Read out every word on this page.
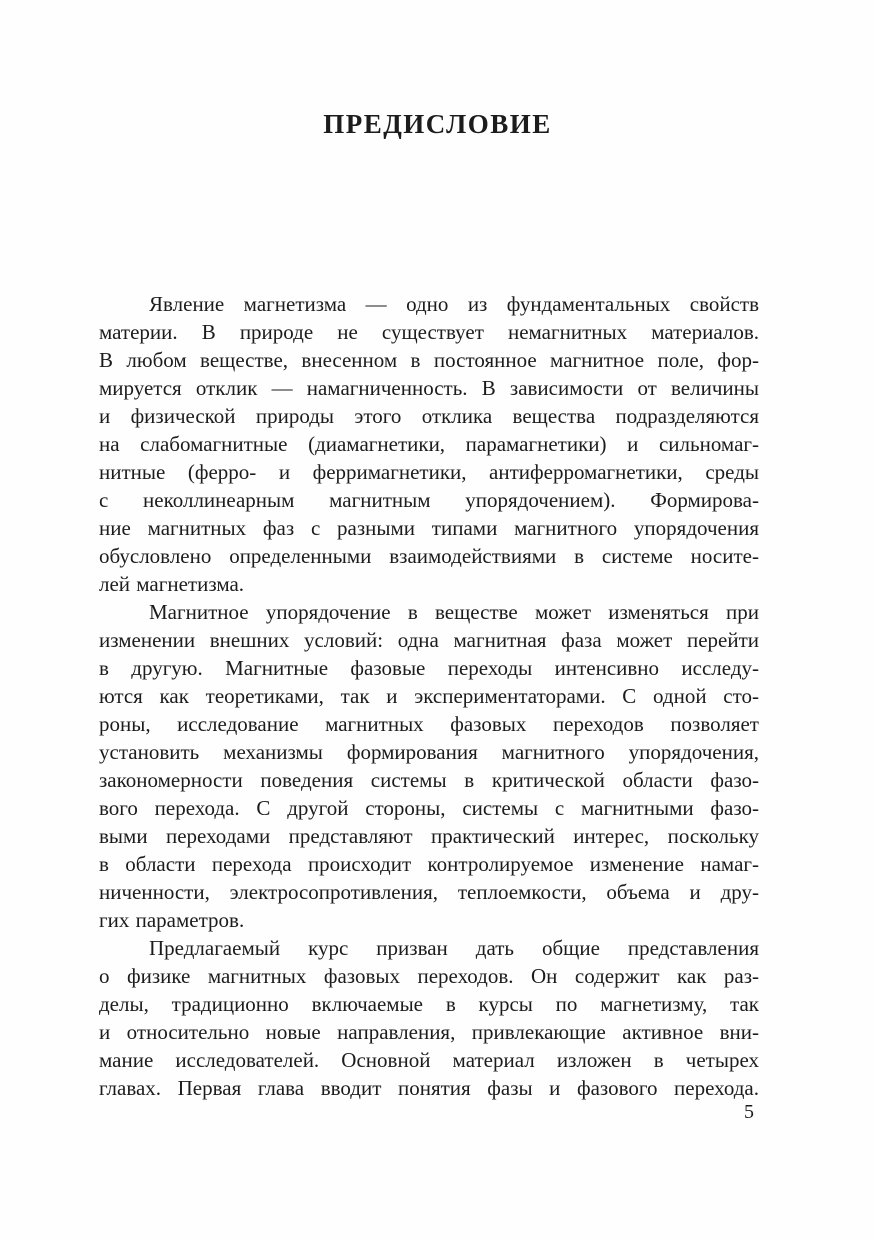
ПРЕДИСЛОВИЕ
Явление магнетизма — одно из фундаментальных свойств
материи. В природе не существует немагнитных материалов.
В любом веществе, внесенном в постоянное магнитное поле, фор-
мируется отклик — намагниченность. В зависимости от величины
и физической природы этого отклика вещества подразделяются
на слабомагнитные (диамагнетики, парамагнетики) и сильномаг-
нитные (ферро- и ферримагнетики, антиферромагнетики, среды
с неколлинеарным магнитным упорядочением). Формирова-
ние магнитных фаз с разными типами магнитного упорядочения
обусловлено определенными взаимодействиями в системе носите-
лей магнетизма.
Магнитное упорядочение в веществе может изменяться при
изменении внешних условий: одна магнитная фаза может перейти
в другую. Магнитные фазовые переходы интенсивно исследу-
ются как теоретиками, так и экспериментаторами. С одной сто-
роны, исследование магнитных фазовых переходов позволяет
установить механизмы формирования магнитного упорядочения,
закономерности поведения системы в критической области фазо-
вого перехода. С другой стороны, системы с магнитными фазо-
выми переходами представляют практический интерес, поскольку
в области перехода происходит контролируемое изменение намаг-
ниченности, электросопротивления, теплоемкости, объема и дру-
гих параметров.
Предлагаемый курс призван дать общие представления
о физике магнитных фазовых переходов. Он содержит как раз-
делы, традиционно включаемые в курсы по магнетизму, так
и относительно новые направления, привлекающие активное вни-
мание исследователей. Основной материал изложен в четырех
главах. Первая глава вводит понятия фазы и фазового перехода.
5
